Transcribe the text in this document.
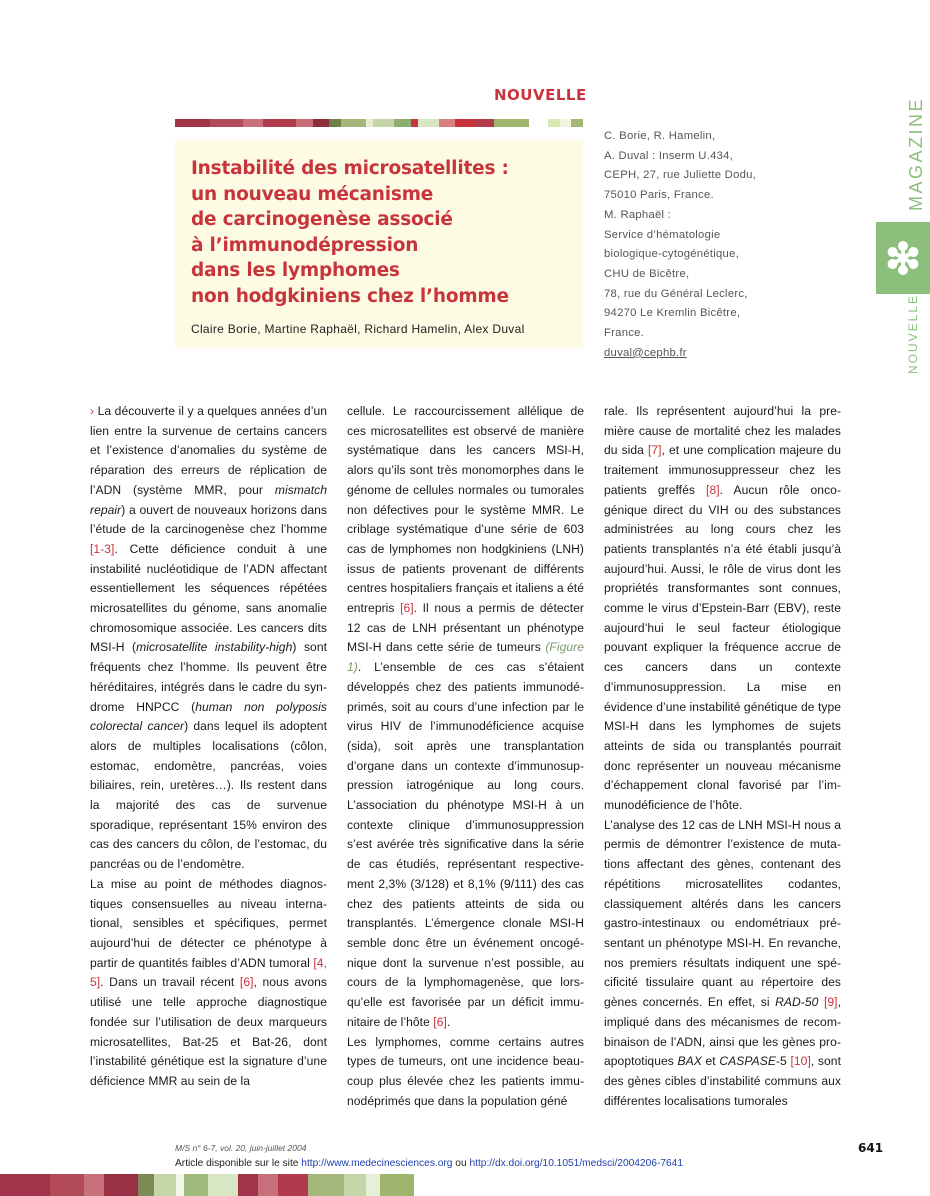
NOUVELLE
Instabilité des microsatellites :
un nouveau mécanisme
de carcinogenèse associé
à l’immunodépression
dans les lymphomes
non hodgkiniens chez l’homme
Claire Borie, Martine Raphaël, Richard Hamelin, Alex Duval
C. Borie, R. Hamelin,
A. Duval : Inserm U.434,
CEPH, 27, rue Juliette Dodu,
75010 Paris, France.
M. Raphaël :
Service d’hématologie
biologique-cytogénétique,
CHU de Bicêtre,
78, rue du Général Leclerc,
94270 Le Kremlin Bicêtre,
France.
duval@cephb.fr
MAGAZINE
NOUVELLES

› La découverte il y a quelques années d’un lien entre la survenue de certains cancers et l’existence d’anomalies du système de réparation des erreurs de réplication de l’ADN (système MMR, pour mismatch repair) a ouvert de nouveaux horizons dans l’étude de la carcinogenèse chez l’homme [1-3]. Cette déficience conduit à une instabilité nucléotidique de l’ADN affectant essentiellement les séquences répétées microsatellites du génome, sans anomalie chromosomique associée. Les cancers dits MSI-H (microsatellite instability-high) sont fréquents chez l’homme. Ils peuvent être héréditaires, intégrés dans le cadre du syndrome HNPCC (human non polyposis colorectal cancer) dans lequel ils adoptent alors de multiples localisations (côlon, estomac, endomètre, pancréas, voies biliaires, rein, uretères…). Ils restent dans la majorité des cas de survenue sporadique, représentant 15% environ des cas des cancers du côlon, de l’estomac, du pancréas ou de l’endomètre.

La mise au point de méthodes diagnostiques consensuelles au niveau international, sensibles et spécifiques, permet aujourd’hui de détecter ce phénotype à partir de quantités faibles d’ADN tumoral [4, 5]. Dans un travail récent [6], nous avons utilisé une telle approche diagnostique fondée sur l’utilisation de deux marqueurs microsatellites, Bat-25 et Bat-26, dont l’instabilité génétique est la signature d’une déficience MMR au sein de la

cellule. Le raccourcissement allélique de ces microsatellites est observé de manière systématique dans les cancers MSI-H, alors qu’ils sont très monomorphes dans le génome de cellules normales ou tumorales non défectives pour le système MMR. Le criblage systématique d’une série de 603 cas de lymphomes non hodgkiniens (LNH) issus de patients provenant de différents centres hospitaliers français et italiens a été entrepris [6]. Il nous a permis de détecter 12 cas de LNH présentant un phénotype MSI-H dans cette série de tumeurs (Figure 1). L’ensemble de ces cas s’étaient développés chez des patients immunodéprimés, soit au cours d’une infection par le virus HIV de l’immunodéficience acquise (sida), soit après une transplantation d’organe dans un contexte d’immunosuppression iatrogénique au long cours. L’association du phénotype MSI-H à un contexte clinique d’immunosuppression s’est avérée très significative dans la série de cas étudiés, représentant respectivement 2,3% (3/128) et 8,1% (9/111) des cas chez des patients atteints de sida ou transplantés. L’émergence clonale MSI-H semble donc être un événement oncogénique dont la survenue n’est possible, au cours de la lymphomagenèse, que lorsqu’elle est favorisée par un déficit immunitaire de l’hôte [6].

Les lymphomes, comme certains autres types de tumeurs, ont une incidence beaucoup plus élevée chez les patients immunodéprimés que dans la population géné

rale. Ils représentent aujourd’hui la première cause de mortalité chez les malades du sida [7], et une complication majeure du traitement immunosuppresseur chez les patients greffés [8]. Aucun rôle oncogénique direct du VIH ou des substances administrées au long cours chez les patients transplantés n’a été établi jusqu’à aujourd’hui. Aussi, le rôle de virus dont les propriétés transformantes sont connues, comme le virus d’Epstein-Barr (EBV), reste aujourd’hui le seul facteur étiologique pouvant expliquer la fréquence accrue de ces cancers dans un contexte d’immunosuppression. La mise en évidence d’une instabilité génétique de type MSI-H dans les lymphomes de sujets atteints de sida ou transplantés pourrait donc représenter un nouveau mécanisme d’échappement clonal favorisé par l’immunodéficience de l’hôte.

L’analyse des 12 cas de LNH MSI-H nous a permis de démontrer l’existence de mutations affectant des gènes, contenant des répétitions microsatellites codantes, classiquement altérés dans les cancers gastro-intestinaux ou endométriaux présentant un phénotype MSI-H. En revanche, nos premiers résultats indiquent une spécificité tissulaire quant au répertoire des gènes concernés. En effet, si RAD-50 [9], impliqué dans des mécanismes de recombinaison de l’ADN, ainsi que les gènes pro-apoptotiques BAX et CASPASE-5 [10], sont des gènes cibles d’instabilité communs aux différentes localisations tumorales

M/S n° 6-7, vol. 20, juin-juillet 2004
Article disponible sur le site http://www.medecinesciences.org ou http://dx.doi.org/10.1051/medsci/2004206-7641
641
